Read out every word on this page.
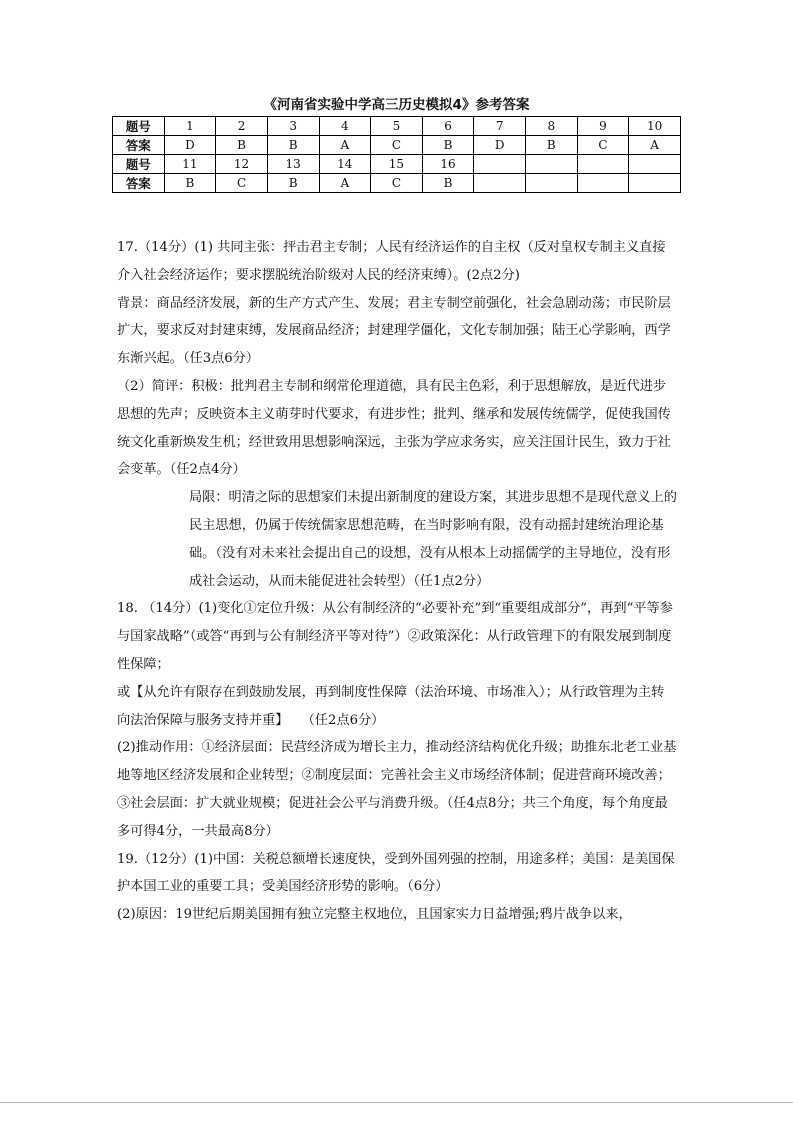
《河南省实验中学高三历史模拟4》参考答案
题号	1	2	3	4	5	6	7	8	9	10
答案	D	B	B	A	C	B	D	B	C	A
题号	11	12	13	14	15	16				
答案	B	C	B	A	C	B				

17.（14分）(1) 共同主张：抨击君主专制；人民有经济运作的自主权（反对皇权专制主义直接介入社会经济运作；要求摆脱统治阶级对人民的经济束缚）。(2点2分)

背景：商品经济发展，新的生产方式产生、发展；君主专制空前强化，社会急剧动荡；市民阶层扩大，要求反对封建束缚，发展商品经济；封建理学僵化，文化专制加强；陆王心学影响，西学东渐兴起。（任3点6分）

（2）简评：积极：批判君主专制和纲常伦理道德，具有民主色彩，利于思想解放，是近代进步思想的先声；反映资本主义萌芽时代要求，有进步性；批判、继承和发展传统儒学，促使我国传统文化重新焕发生机；经世致用思想影响深远，主张为学应求务实，应关注国计民生，致力于社会变革。（任2点4分）

局限：明清之际的思想家们未提出新制度的建设方案，其进步思想不是现代意义上的民主思想，仍属于传统儒家思想范畴，在当时影响有限，没有动摇封建统治理论基础。（没有对未来社会提出自己的设想，没有从根本上动摇儒学的主导地位，没有形成社会运动，从而未能促进社会转型）（任1点2分）

18. （14分）(1)变化①定位升级：从公有制经济的“必要补充”到“重要组成部分”，再到“平等参与国家战略”（或答“再到与公有制经济平等对待”）②政策深化：从行政管理下的有限发展到制度性保障；

或【从允许有限存在到鼓励发展，再到制度性保障（法治环境、市场准入）；从行政管理为主转向法治保障与服务支持并重】　　（任2点6分）

(2)推动作用：①经济层面：民营经济成为增长主力，推动经济结构优化升级；助推东北老工业基地等地区经济发展和企业转型；②制度层面：完善社会主义市场经济体制；促进营商环境改善；③社会层面：扩大就业规模；促进社会公平与消费升级。（任4点8分；共三个角度，每个角度最多可得4分，一共最高8分）

19.（12分）(1)中国：关税总额增长速度快，受到外国列强的控制，用途多样；美国：是美国保护本国工业的重要工具；受美国经济形势的影响。（6分）

(2)原因：19世纪后期美国拥有独立完整主权地位，且国家实力日益增强;鸦片战争以来，
